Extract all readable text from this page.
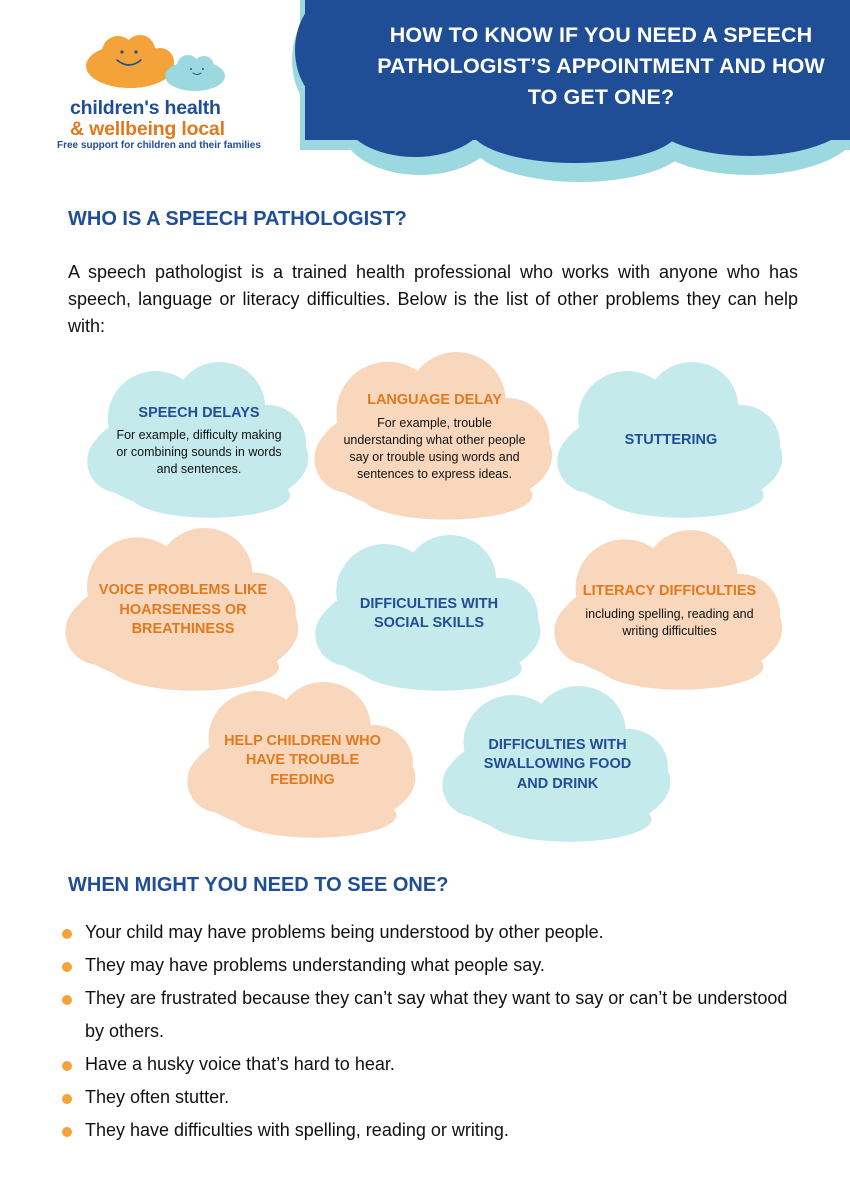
HOW TO KNOW IF YOU NEED A SPEECH PATHOLOGIST’S APPOINTMENT AND HOW TO GET ONE?
children's health
& wellbeing local
Free support for children and their families
WHO IS A SPEECH PATHOLOGIST?
A speech pathologist is a trained health professional who works with anyone who has speech, language or literacy difficulties. Below is the list of other problems they can help with:
SPEECH DELAYS
For example, difficulty making or combining sounds in words and sentences.
LANGUAGE DELAY
For example, trouble understanding what other people say or trouble using words and sentences to express ideas.
STUTTERING
VOICE PROBLEMS LIKE HOARSENESS OR BREATHINESS
DIFFICULTIES WITH SOCIAL SKILLS
LITERACY DIFFICULTIES
including spelling, reading and writing difficulties
HELP CHILDREN WHO HAVE TROUBLE FEEDING
DIFFICULTIES WITH SWALLOWING FOOD AND DRINK
WHEN MIGHT YOU NEED TO SEE ONE?
Your child may have problems being understood by other people.
They may have problems understanding what people say.
They are frustrated because they can’t say what they want to say or can’t be understood by others.
Have a husky voice that’s hard to hear.
They often stutter.
They have difficulties with spelling, reading or writing.
